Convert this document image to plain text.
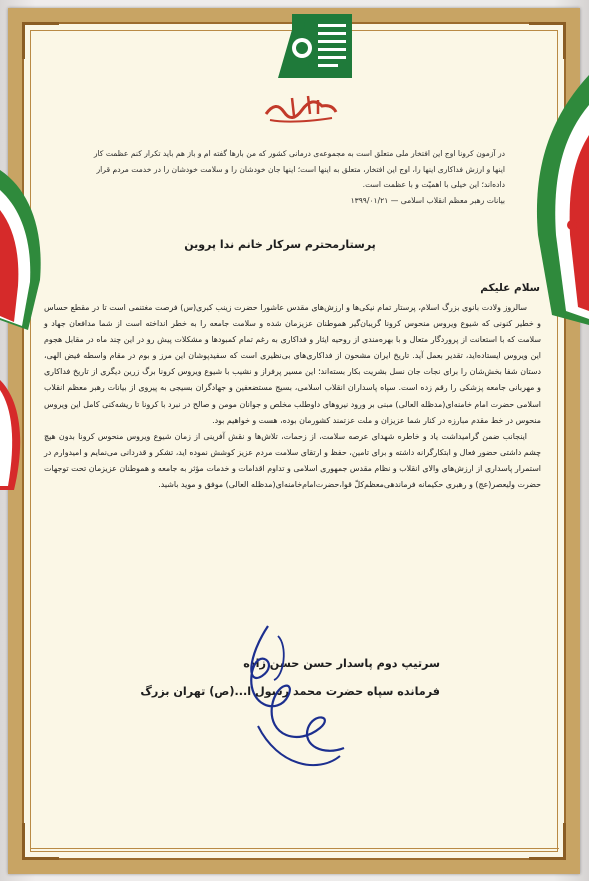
در آزمون کرونا اوج این افتخار ملی متعلق است به مجموعه‌ی درمانی کشور که من بارها گفته ام و باز هم باید تکرار کنم عظمت کار اینها و ارزش فداکاری اینها را، اوج این افتخار، متعلق به اینها است؛ اینها جان خودشان را و سلامت خودشان را در خدمت مردم قرار داده‌اند؛ این خیلی با اهمیّت و با عظمت است.
بیانات رهبر معظم انقلاب اسلامی — ۱۳۹۹/۰۱/۲۱
پرستارمحترم سرکار خانم ندا پروین
سلام علیکم

سالروز ولادت بانوی بزرگ اسلام، پرستار تمام نیکی‌ها و ارزش‌های مقدس عاشورا حضرت زینب کبری(س) فرصت مغتنمی است تا در مقطع حساس و خطیر کنونی که شیوع ویروس منحوس کرونا گریبان‌گیر هموطنان عزیزمان شده و سلامت جامعه را به خطر انداخته است از شما مدافعان جهاد و سلامت که با استعانت از پروردگار متعال و با بهره‌مندی از روحیه ایثار و فداکاری به رغم تمام کمبودها و مشکلات پیش رو در این چند ماه در مقابل هجوم این ویروس ایستاده‌اید، تقدیر بعمل آید. تاریخ ایران مشحون از فداکاری‌های بی‌نظیری است که سفیدپوشان این مرز و بوم در مقام واسطه فیض الهی، دستان شفا بخش‌شان را برای نجات جان نسل بشریت بکار بسته‌اند؛ این مسیر پرفراز و نشیب با شیوع ویروس کرونا برگ زرین دیگری از تاریخ فداکاری و مهربانی جامعه پزشکی را رقم زده است. سپاه پاسداران انقلاب اسلامی، بسیج مستضعفین و جهادگران بسیجی به پیروی از بیانات رهبر معظم انقلاب اسلامی حضرت امام خامنه‌ای(مدظله العالی) مبنی بر ورود نیروهای داوطلب مخلص و جوانان مومن و صالح در نبرد با کرونا تا ریشه‌کنی کامل این ویروس منحوس در خط مقدم مبارزه در کنار شما عزیزان و ملت عزتمند کشورمان بوده، هست و خواهیم بود.

اینجانب ضمن گرامیداشت یاد و خاطره شهدای عرصه سلامت، از زحمات، تلاش‌ها و نقش آفرینی از زمان شیوع ویروس منحوس کرونا بدون هیچ چشم داشتی حضور فعال و ابتکارگرانه داشته و برای تامین، حفظ و ارتقای سلامت مردم عزیز کوشش نموده اید، تشکر و قدردانی می‌نمایم و امیدوارم در استمرار پاسداری از ارزش‌های والای انقلاب و نظام مقدس جمهوری اسلامی و تداوم اقدامات و خدمات مؤثر به جامعه و هموطنان عزیزمان تحت توجهات حضرت ولیعصر(عج) و رهبری حکیمانه فرماندهی‌معظم‌کلّ قوا،حضرت‌امام‌خامنه‌ای(مدظله العالی) موفق و موید باشید.

سرتیپ دوم پاسدار حسن حسن زاده
فرمانده سپاه حضرت محمد رسول ا...(ص) تهران بزرگ
